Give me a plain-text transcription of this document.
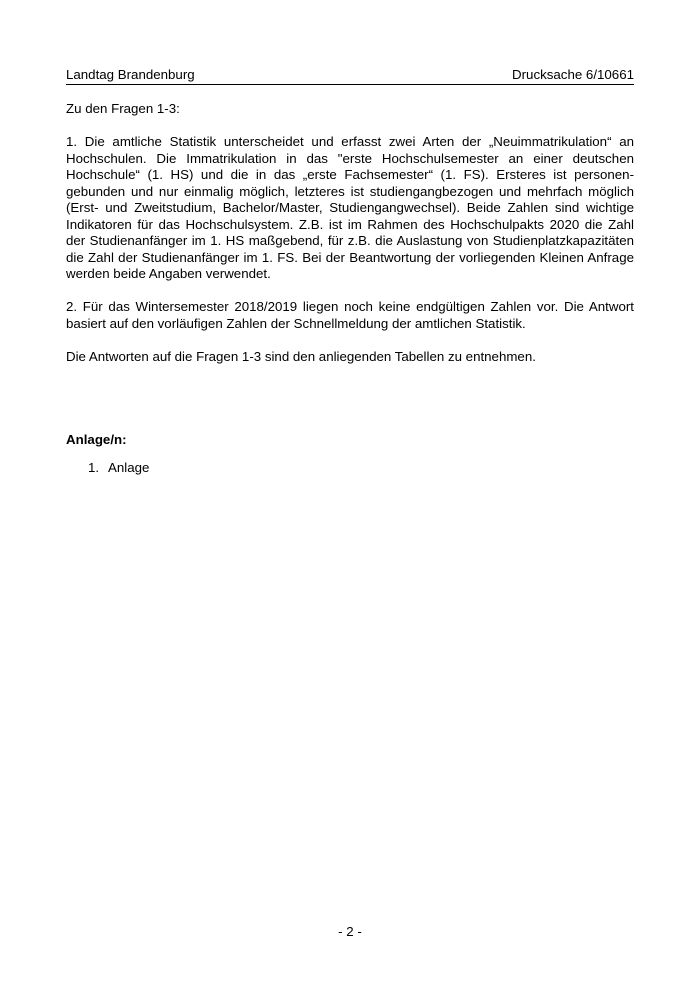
Landtag Brandenburg	Drucksache 6/10661

Zu den Fragen 1-3:

1. Die amtliche Statistik unterscheidet und erfasst zwei Arten der „Neuimmatrikulation“ an Hochschulen. Die Immatrikulation in das "erste Hochschulsemester an einer deutschen Hochschule“ (1. HS) und die in das „erste Fachsemester“ (1. FS). Ersteres ist personengebunden und nur einmalig möglich, letzteres ist studiengangbezogen und mehrfach möglich (Erst- und Zweitstudium, Bachelor/Master, Studiengangwechsel). Beide Zahlen sind wichtige Indikatoren für das Hochschulsystem. Z.B. ist im Rahmen des Hochschulpakts 2020 die Zahl der Studienanfänger im 1. HS maßgebend, für z.B. die Auslastung von Studienplatzkapazitäten die Zahl der Studienanfänger im 1. FS. Bei der Beantwortung der vorliegenden Kleinen Anfrage werden beide Angaben verwendet.

2. Für das Wintersemester 2018/2019 liegen noch keine endgültigen Zahlen vor. Die Antwort basiert auf den vorläufigen Zahlen der Schnellmeldung der amtlichen Statistik.

Die Antworten auf die Fragen 1-3 sind den anliegenden Tabellen zu entnehmen.

Anlage/n:
1. Anlage
- 2 -
